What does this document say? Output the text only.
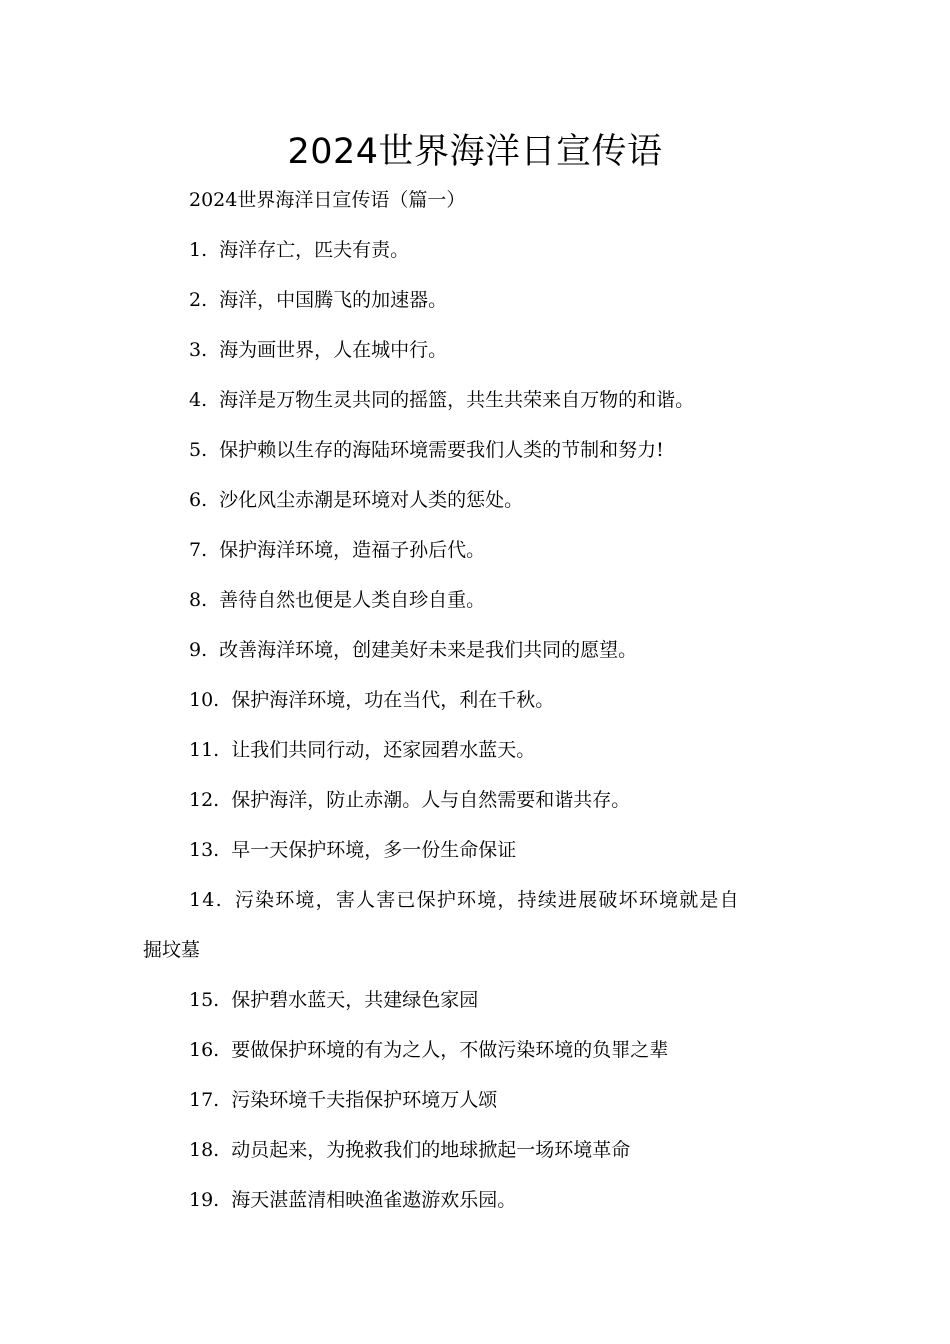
2024世界海洋日宣传语
2024世界海洋日宣传语（篇一）
1. 海洋存亡，匹夫有责。
2. 海洋，中国腾飞的加速器。
3. 海为画世界，人在城中行。
4. 海洋是万物生灵共同的摇篮，共生共荣来自万物的和谐。
5. 保护赖以生存的海陆环境需要我们人类的节制和努力!
6. 沙化风尘赤潮是环境对人类的惩处。
7. 保护海洋环境，造福子孙后代。
8. 善待自然也便是人类自珍自重。
9. 改善海洋环境，创建美好未来是我们共同的愿望。
10. 保护海洋环境，功在当代，利在千秋。
11. 让我们共同行动，还家园碧水蓝天。
12. 保护海洋，防止赤潮。人与自然需要和谐共存。
13. 早一天保护环境，多一份生命保证
14. 污染环境，害人害已保护环境，持续进展破坏环境就是自
掘坟墓
15. 保护碧水蓝天，共建绿色家园
16. 要做保护环境的有为之人，不做污染环境的负罪之辈
17. 污染环境千夫指保护环境万人颂
18. 动员起来，为挽救我们的地球掀起一场环境革命
19. 海天湛蓝清相映渔雀遨游欢乐园。
